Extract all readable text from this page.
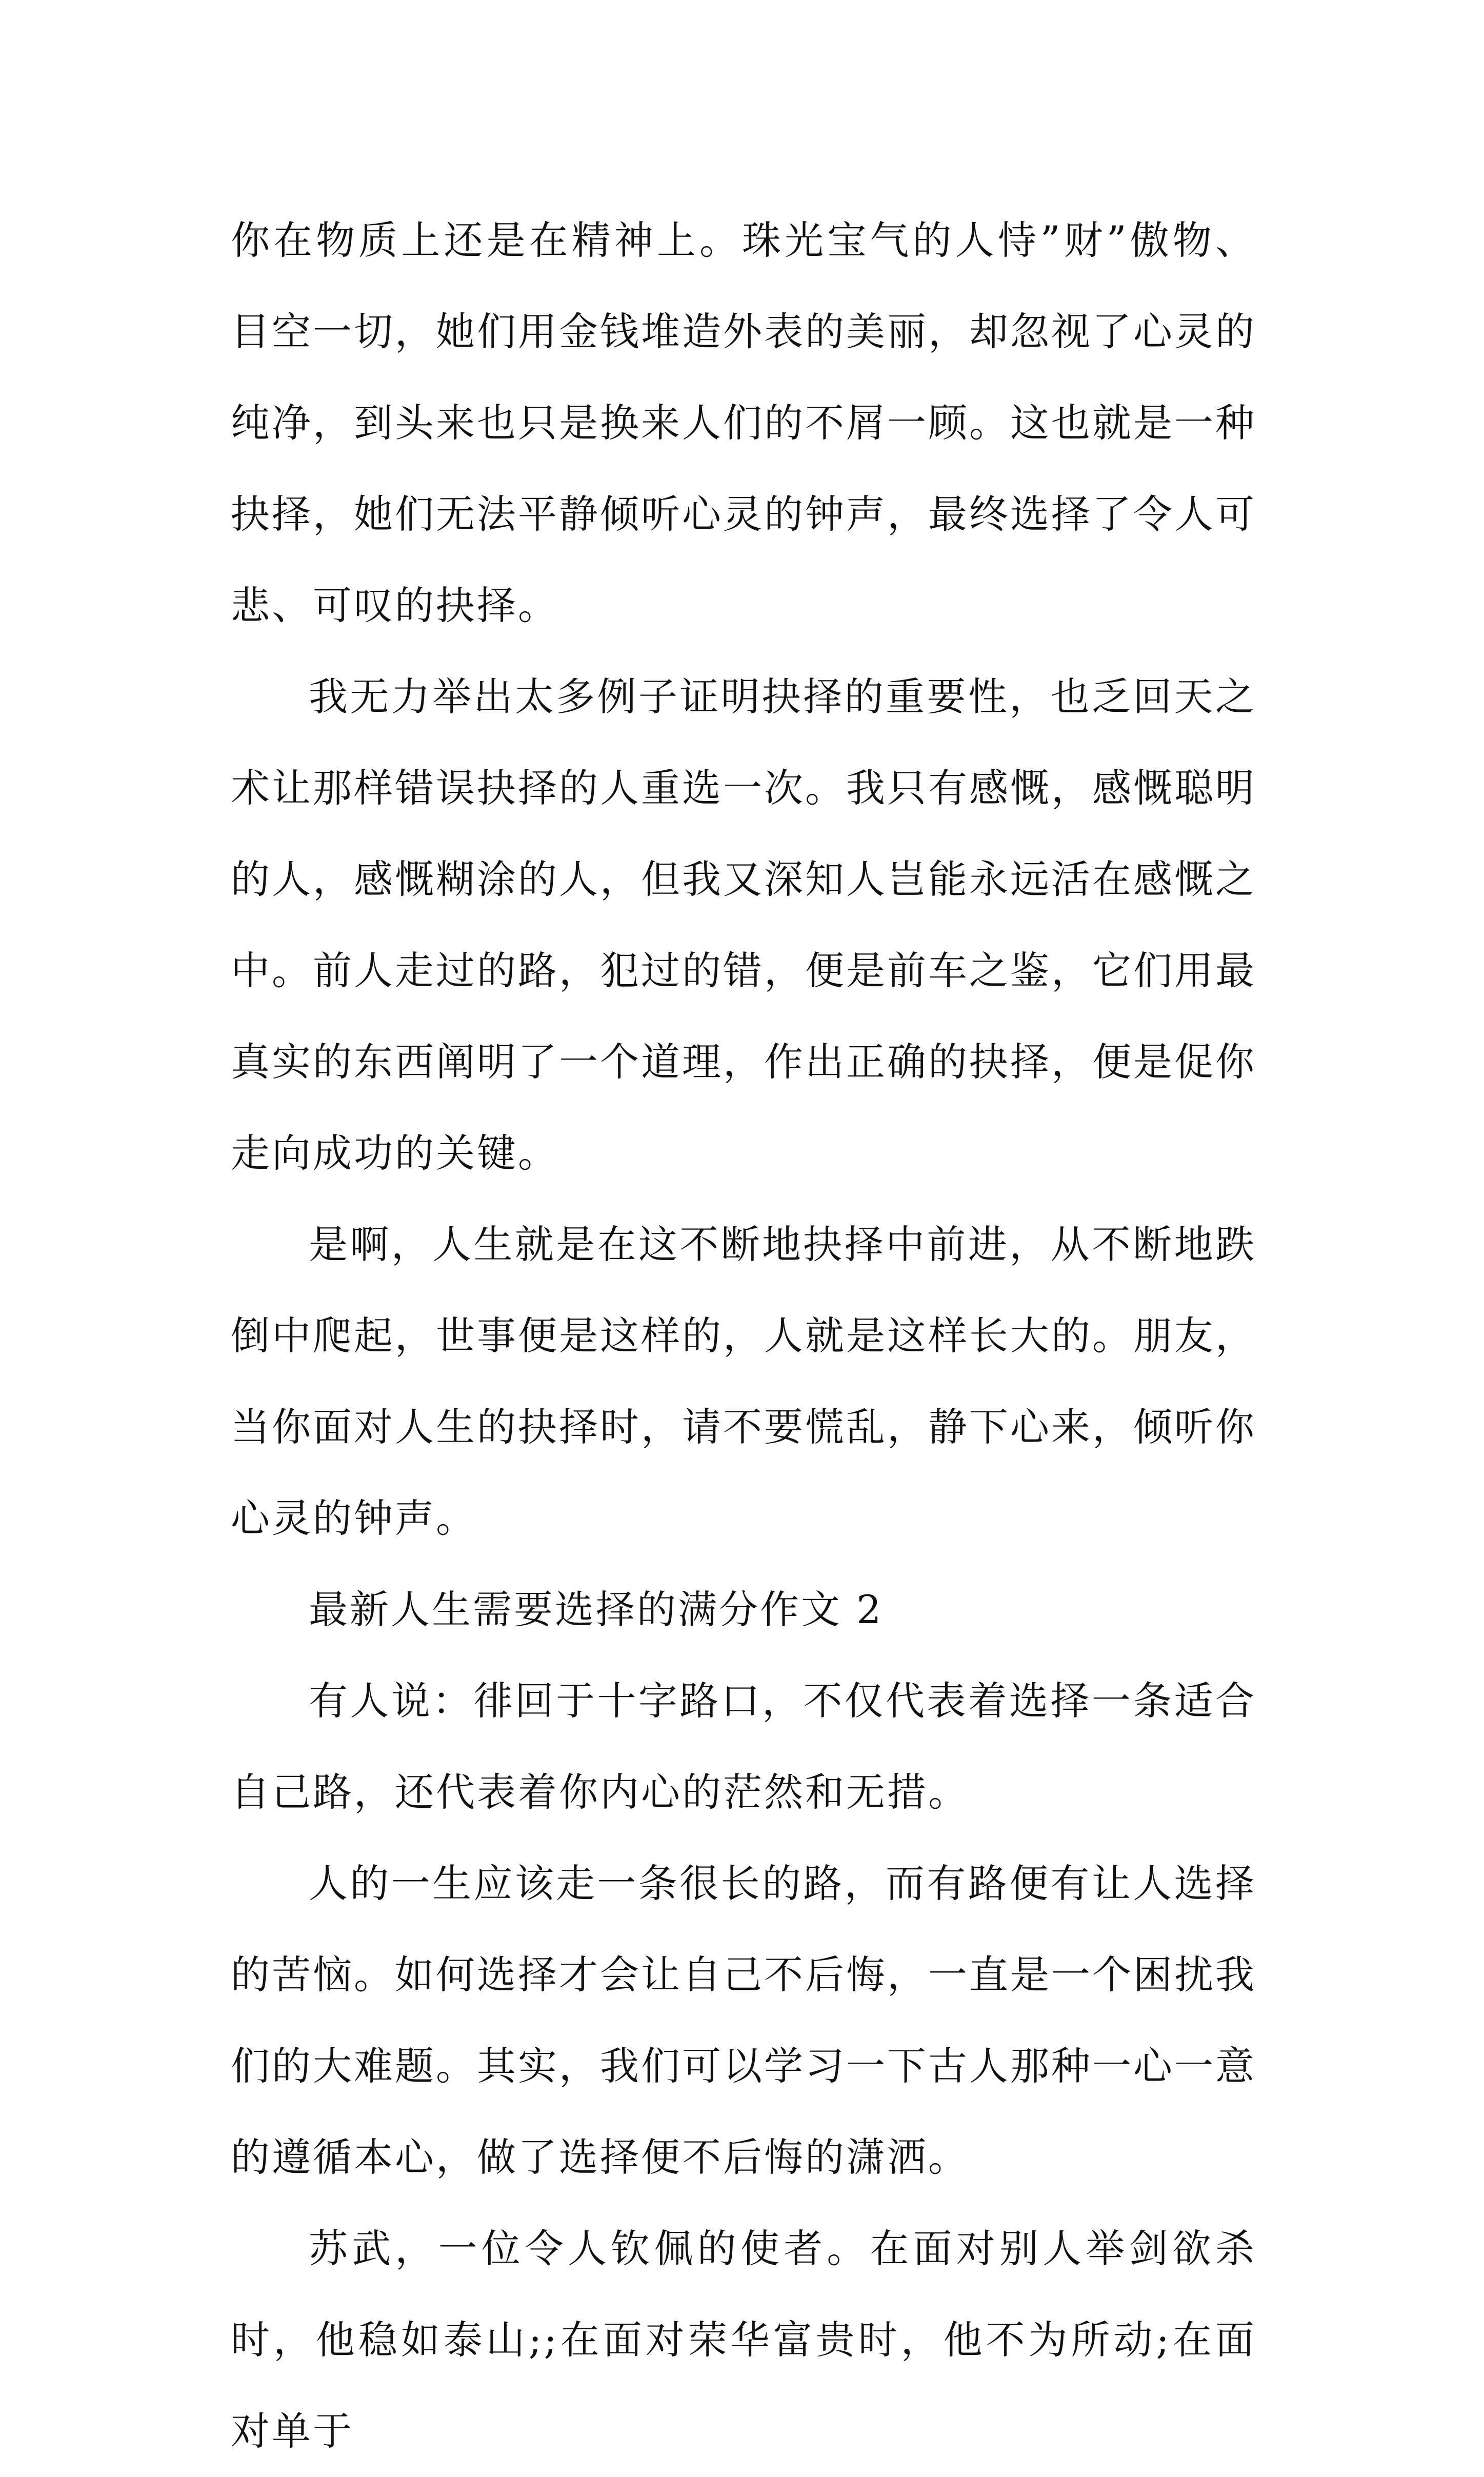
你在物质上还是在精神上。珠光宝气的人恃”财”傲物、目空一切，她们用金钱堆造外表的美丽，却忽视了心灵的纯净，到头来也只是换来人们的不屑一顾。这也就是一种抉择，她们无法平静倾听心灵的钟声，最终选择了令人可悲、可叹的抉择。

我无力举出太多例子证明抉择的重要性，也乏回天之术让那样错误抉择的人重选一次。我只有感慨，感慨聪明的人，感慨糊涂的人，但我又深知人岂能永远活在感慨之中。前人走过的路，犯过的错，便是前车之鉴，它们用最真实的东西阐明了一个道理，作出正确的抉择，便是促你走向成功的关键。

是啊，人生就是在这不断地抉择中前进，从不断地跌倒中爬起，世事便是这样的，人就是这样长大的。朋友，当你面对人生的抉择时，请不要慌乱，静下心来，倾听你心灵的钟声。

最新人生需要选择的满分作文 2

有人说：徘回于十字路口，不仅代表着选择一条适合自己路，还代表着你内心的茫然和无措。

人的一生应该走一条很长的路，而有路便有让人选择的苦恼。如何选择才会让自己不后悔，一直是一个困扰我们的大难题。其实，我们可以学习一下古人那种一心一意的遵循本心，做了选择便不后悔的潇洒。

苏武，一位令人钦佩的使者。在面对别人举剑欲杀时，他稳如泰山;;在面对荣华富贵时，他不为所动;在面对单于
